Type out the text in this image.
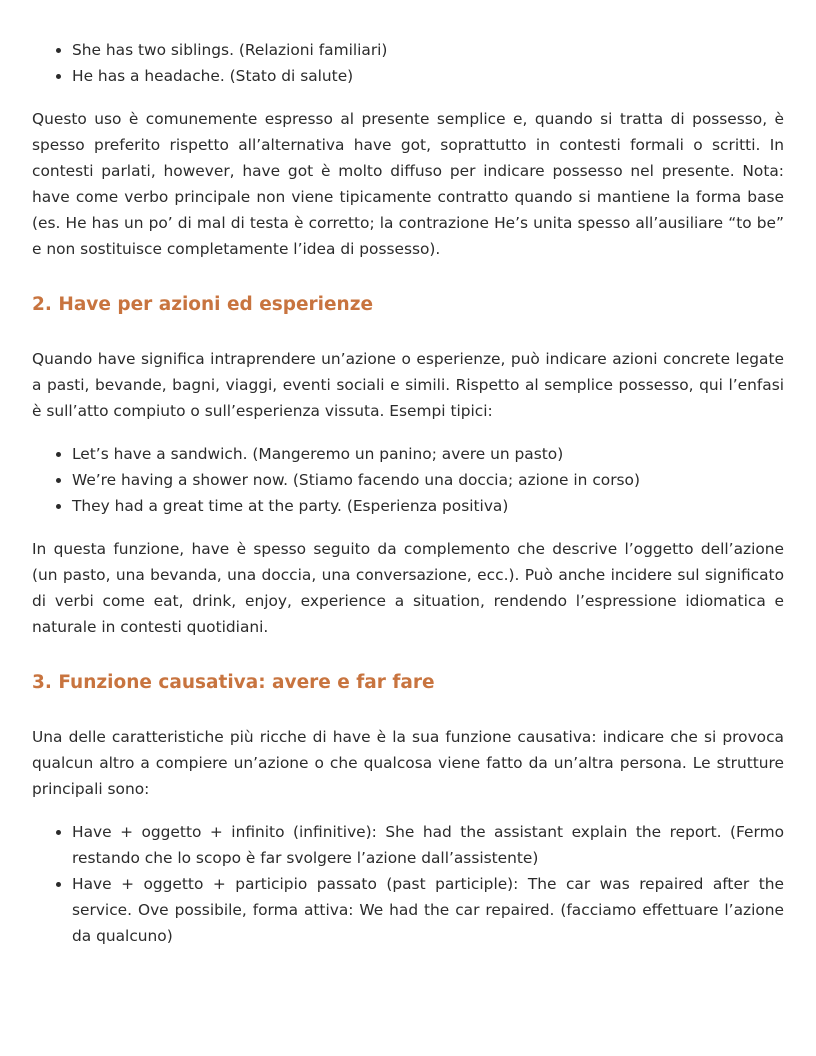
• She has two siblings. (Relazioni familiari)
• He has a headache. (Stato di salute)

Questo uso è comunemente espresso al presente semplice e, quando si tratta di possesso, è spesso preferito rispetto all’alternativa have got, soprattutto in contesti formali o scritti. In contesti parlati, however, have got è molto diffuso per indicare possesso nel presente. Nota: have come verbo principale non viene tipicamente contratto quando si mantiene la forma base (es. He has un po’ di mal di testa è corretto; la contrazione He’s unita spesso all’ausiliare “to be” e non sostituisce completamente l’idea di possesso).

2. Have per azioni ed esperienze

Quando have significa intraprendere un’azione o esperienze, può indicare azioni concrete legate a pasti, bevande, bagni, viaggi, eventi sociali e simili. Rispetto al semplice possesso, qui l’enfasi è sull’atto compiuto o sull’esperienza vissuta. Esempi tipici:

• Let’s have a sandwich. (Mangeremo un panino; avere un pasto)
• We’re having a shower now. (Stiamo facendo una doccia; azione in corso)
• They had a great time at the party. (Esperienza positiva)

In questa funzione, have è spesso seguito da complemento che descrive l’oggetto dell’azione (un pasto, una bevanda, una doccia, una conversazione, ecc.). Può anche incidere sul significato di verbi come eat, drink, enjoy, experience a situation, rendendo l’espressione idiomatica e naturale in contesti quotidiani.

3. Funzione causativa: avere e far fare

Una delle caratteristiche più ricche di have è la sua funzione causativa: indicare che si provoca qualcun altro a compiere un’azione o che qualcosa viene fatto da un’altra persona. Le strutture principali sono:

• Have + oggetto + infinito (infinitive): She had the assistant explain the report. (Fermo restando che lo scopo è far svolgere l’azione dall’assistente)
• Have + oggetto + participio passato (past participle): The car was repaired after the service. Ove possibile, forma attiva: We had the car repaired. (facciamo effettuare l’azione da qualcuno)
